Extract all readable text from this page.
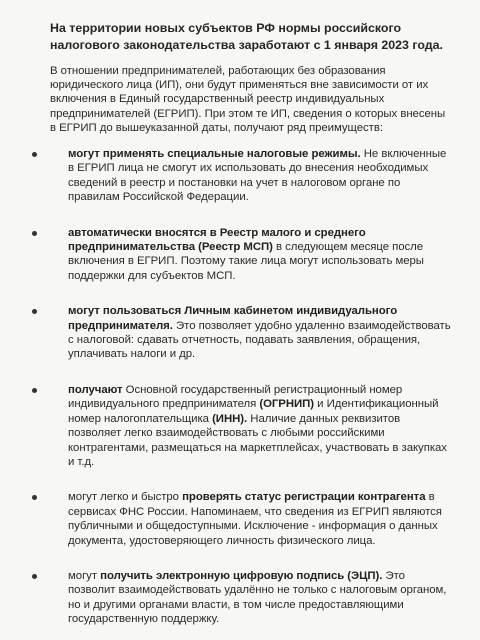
На территории новых субъектов РФ нормы российского налогового законодательства заработают с 1 января 2023 года.

В отношении предпринимателей, работающих без образования юридического лица (ИП), они будут применяться вне зависимости от их включения в Единый государственный реестр индивидуальных предпринимателей (ЕГРИП). При этом те ИП, сведения о которых внесены в ЕГРИП до вышеуказанной даты, получают ряд преимуществ:

могут применять специальные налоговые режимы. Не включенные в ЕГРИП лица не смогут их использовать до внесения необходимых сведений в реестр и постановки на учет в налоговом органе по правилам Российской Федерации.

автоматически вносятся в Реестр малого и среднего предпринимательства (Реестр МСП) в следующем месяце после включения в ЕГРИП. Поэтому такие лица могут использовать меры поддержки для субъектов МСП.

могут пользоваться Личным кабинетом индивидуального предпринимателя. Это позволяет удобно удаленно взаимодействовать с налоговой: сдавать отчетность, подавать заявления, обращения, уплачивать налоги и др.

получают Основной государственный регистрационный номер индивидуального предпринимателя (ОГРНИП) и Идентификационный номер налогоплательщика (ИНН). Наличие данных реквизитов позволяет легко взаимодействовать с любыми российскими контрагентами, размещаться на маркетплейсах, участвовать в закупках и т.д.

могут легко и быстро проверять статус регистрации контрагента в сервисах ФНС России. Напоминаем, что сведения из ЕГРИП являются публичными и общедоступными. Исключение - информация о данных документа, удостоверяющего личность физического лица.

могут получить электронную цифровую подпись (ЭЦП). Это позволит взаимодействовать удалённо не только с налоговым органом, но и другими органами власти, в том числе предоставляющими государственную поддержку.
